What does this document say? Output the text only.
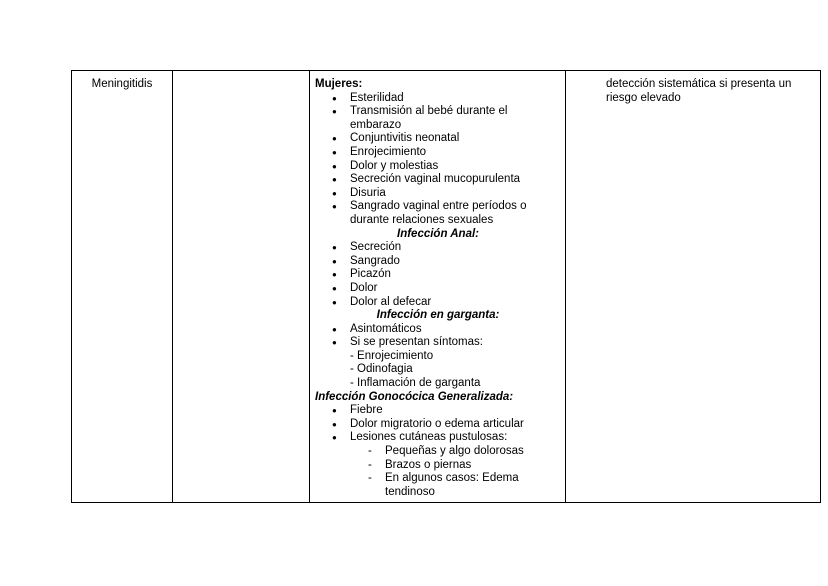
Meningitidis		Mujeres:
● Esterilidad
● Transmisión al bebé durante el embarazo
● Conjuntivitis neonatal
● Enrojecimiento
● Dolor y molestias
● Secreción vaginal mucopurulenta
● Disuria
● Sangrado vaginal entre períodos o durante relaciones sexuales
Infección Anal:
● Secreción
● Sangrado
● Picazón
● Dolor
● Dolor al defecar
Infección en garganta:
● Asintomáticos
● Si se presentan síntomas:
- Enrojecimiento
- Odinofagia
- Inflamación de garganta
Infección Gonocócica Generalizada:
● Fiebre
● Dolor migratorio o edema articular
● Lesiones cutáneas pustulosas:
- Pequeñas y algo dolorosas
- Brazos o piernas
- En algunos casos: Edema tendinoso
	detección sistemática si presenta un riesgo elevado
